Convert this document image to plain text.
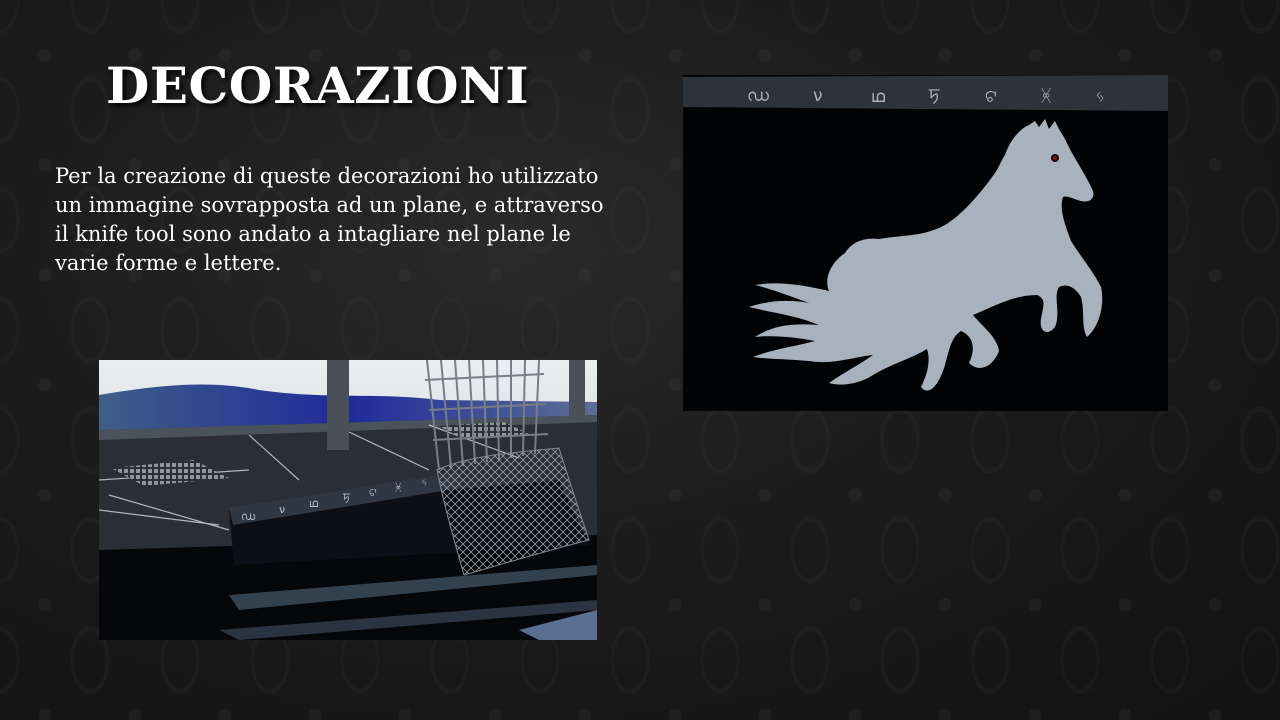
DECORAZIONI

Per la creazione di queste decorazioni ho utilizzato
un immagine sovrapposta ad un plane, e attraverso
il knife tool sono andato a intagliare nel plane le
varie forme e lettere.

ഡ
ν ഥ ꠠ ଟ ᚸ ᛃ
ഡ	ν	ഥ	ꠠ	ଟ	ᚸ	ᛃ
